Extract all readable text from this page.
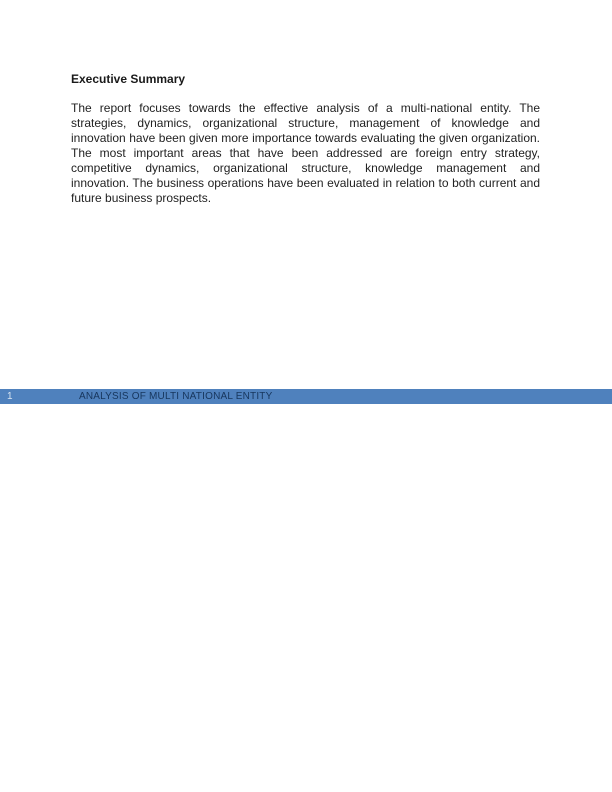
Executive Summary
The report focuses towards the effective analysis of a multi-national entity. The
strategies, dynamics, organizational structure, management of knowledge and
innovation have been given more importance towards evaluating the given organization.
The most important areas that have been addressed are foreign entry strategy,
competitive dynamics, organizational structure, knowledge management and
innovation. The business operations have been evaluated in relation to both current and
future business prospects.
1	ANALYSIS OF MULTI NATIONAL ENTITY
